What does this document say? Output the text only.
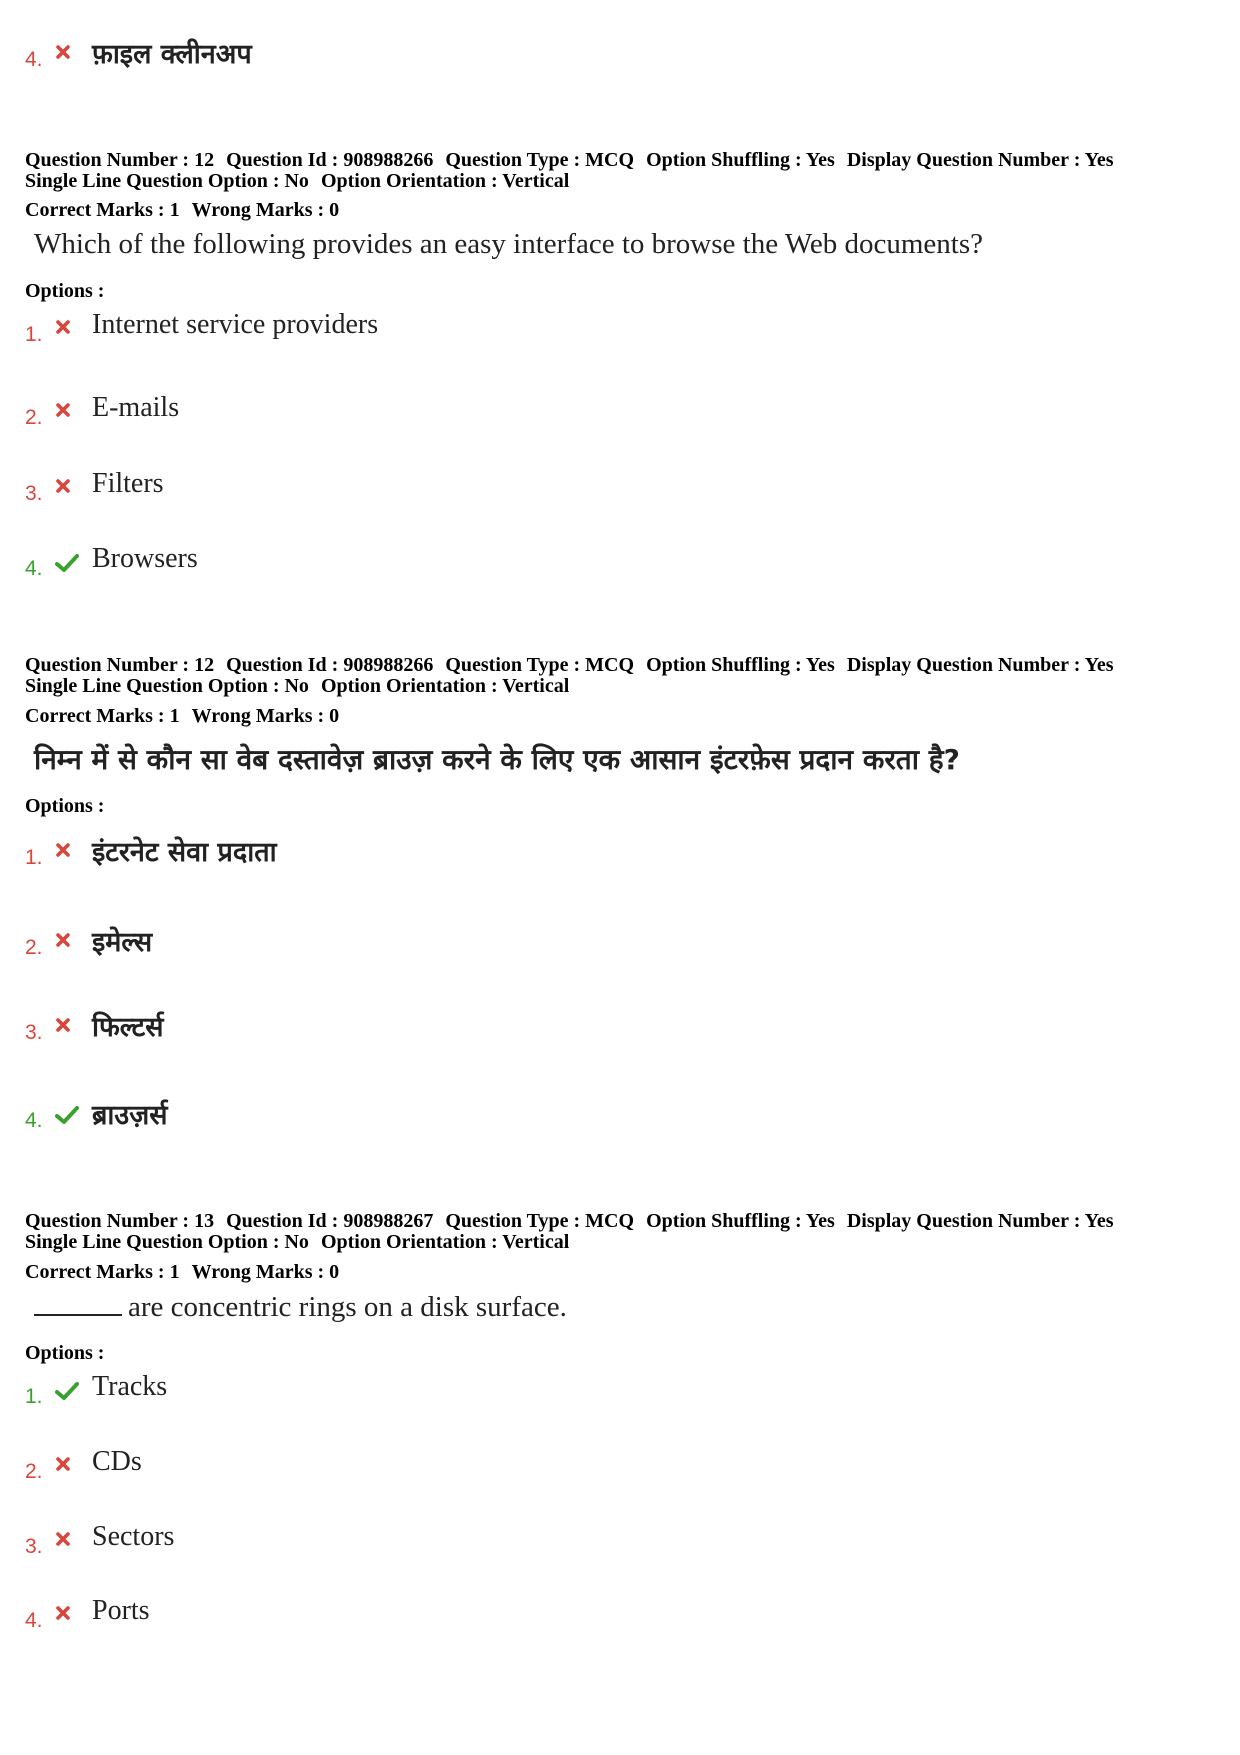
4. फ़ाइल क्लीनअप
Question Number : 12 Question Id : 908988266 Question Type : MCQ Option Shuffling : Yes Display Question Number : Yes
Single Line Question Option : No Option Orientation : Vertical
Correct Marks : 1 Wrong Marks : 0
Which of the following provides an easy interface to browse the Web documents?
Options :
1. Internet service providers
2. E-mails
3. Filters
4. Browsers
Question Number : 12 Question Id : 908988266 Question Type : MCQ Option Shuffling : Yes Display Question Number : Yes
Single Line Question Option : No Option Orientation : Vertical
Correct Marks : 1 Wrong Marks : 0
निम्न में से कौन सा वेब दस्तावेज़ ब्राउज़ करने के लिए एक आसान इंटरफ़ेस प्रदान करता है?
Options :
1. इंटरनेट सेवा प्रदाता
2. इमेल्स
3. फिल्टर्स
4. ब्राउज़र्स
Question Number : 13 Question Id : 908988267 Question Type : MCQ Option Shuffling : Yes Display Question Number : Yes
Single Line Question Option : No Option Orientation : Vertical
Correct Marks : 1 Wrong Marks : 0
are concentric rings on a disk surface.
Options :
1. Tracks
2. CDs
3. Sectors
4. Ports
